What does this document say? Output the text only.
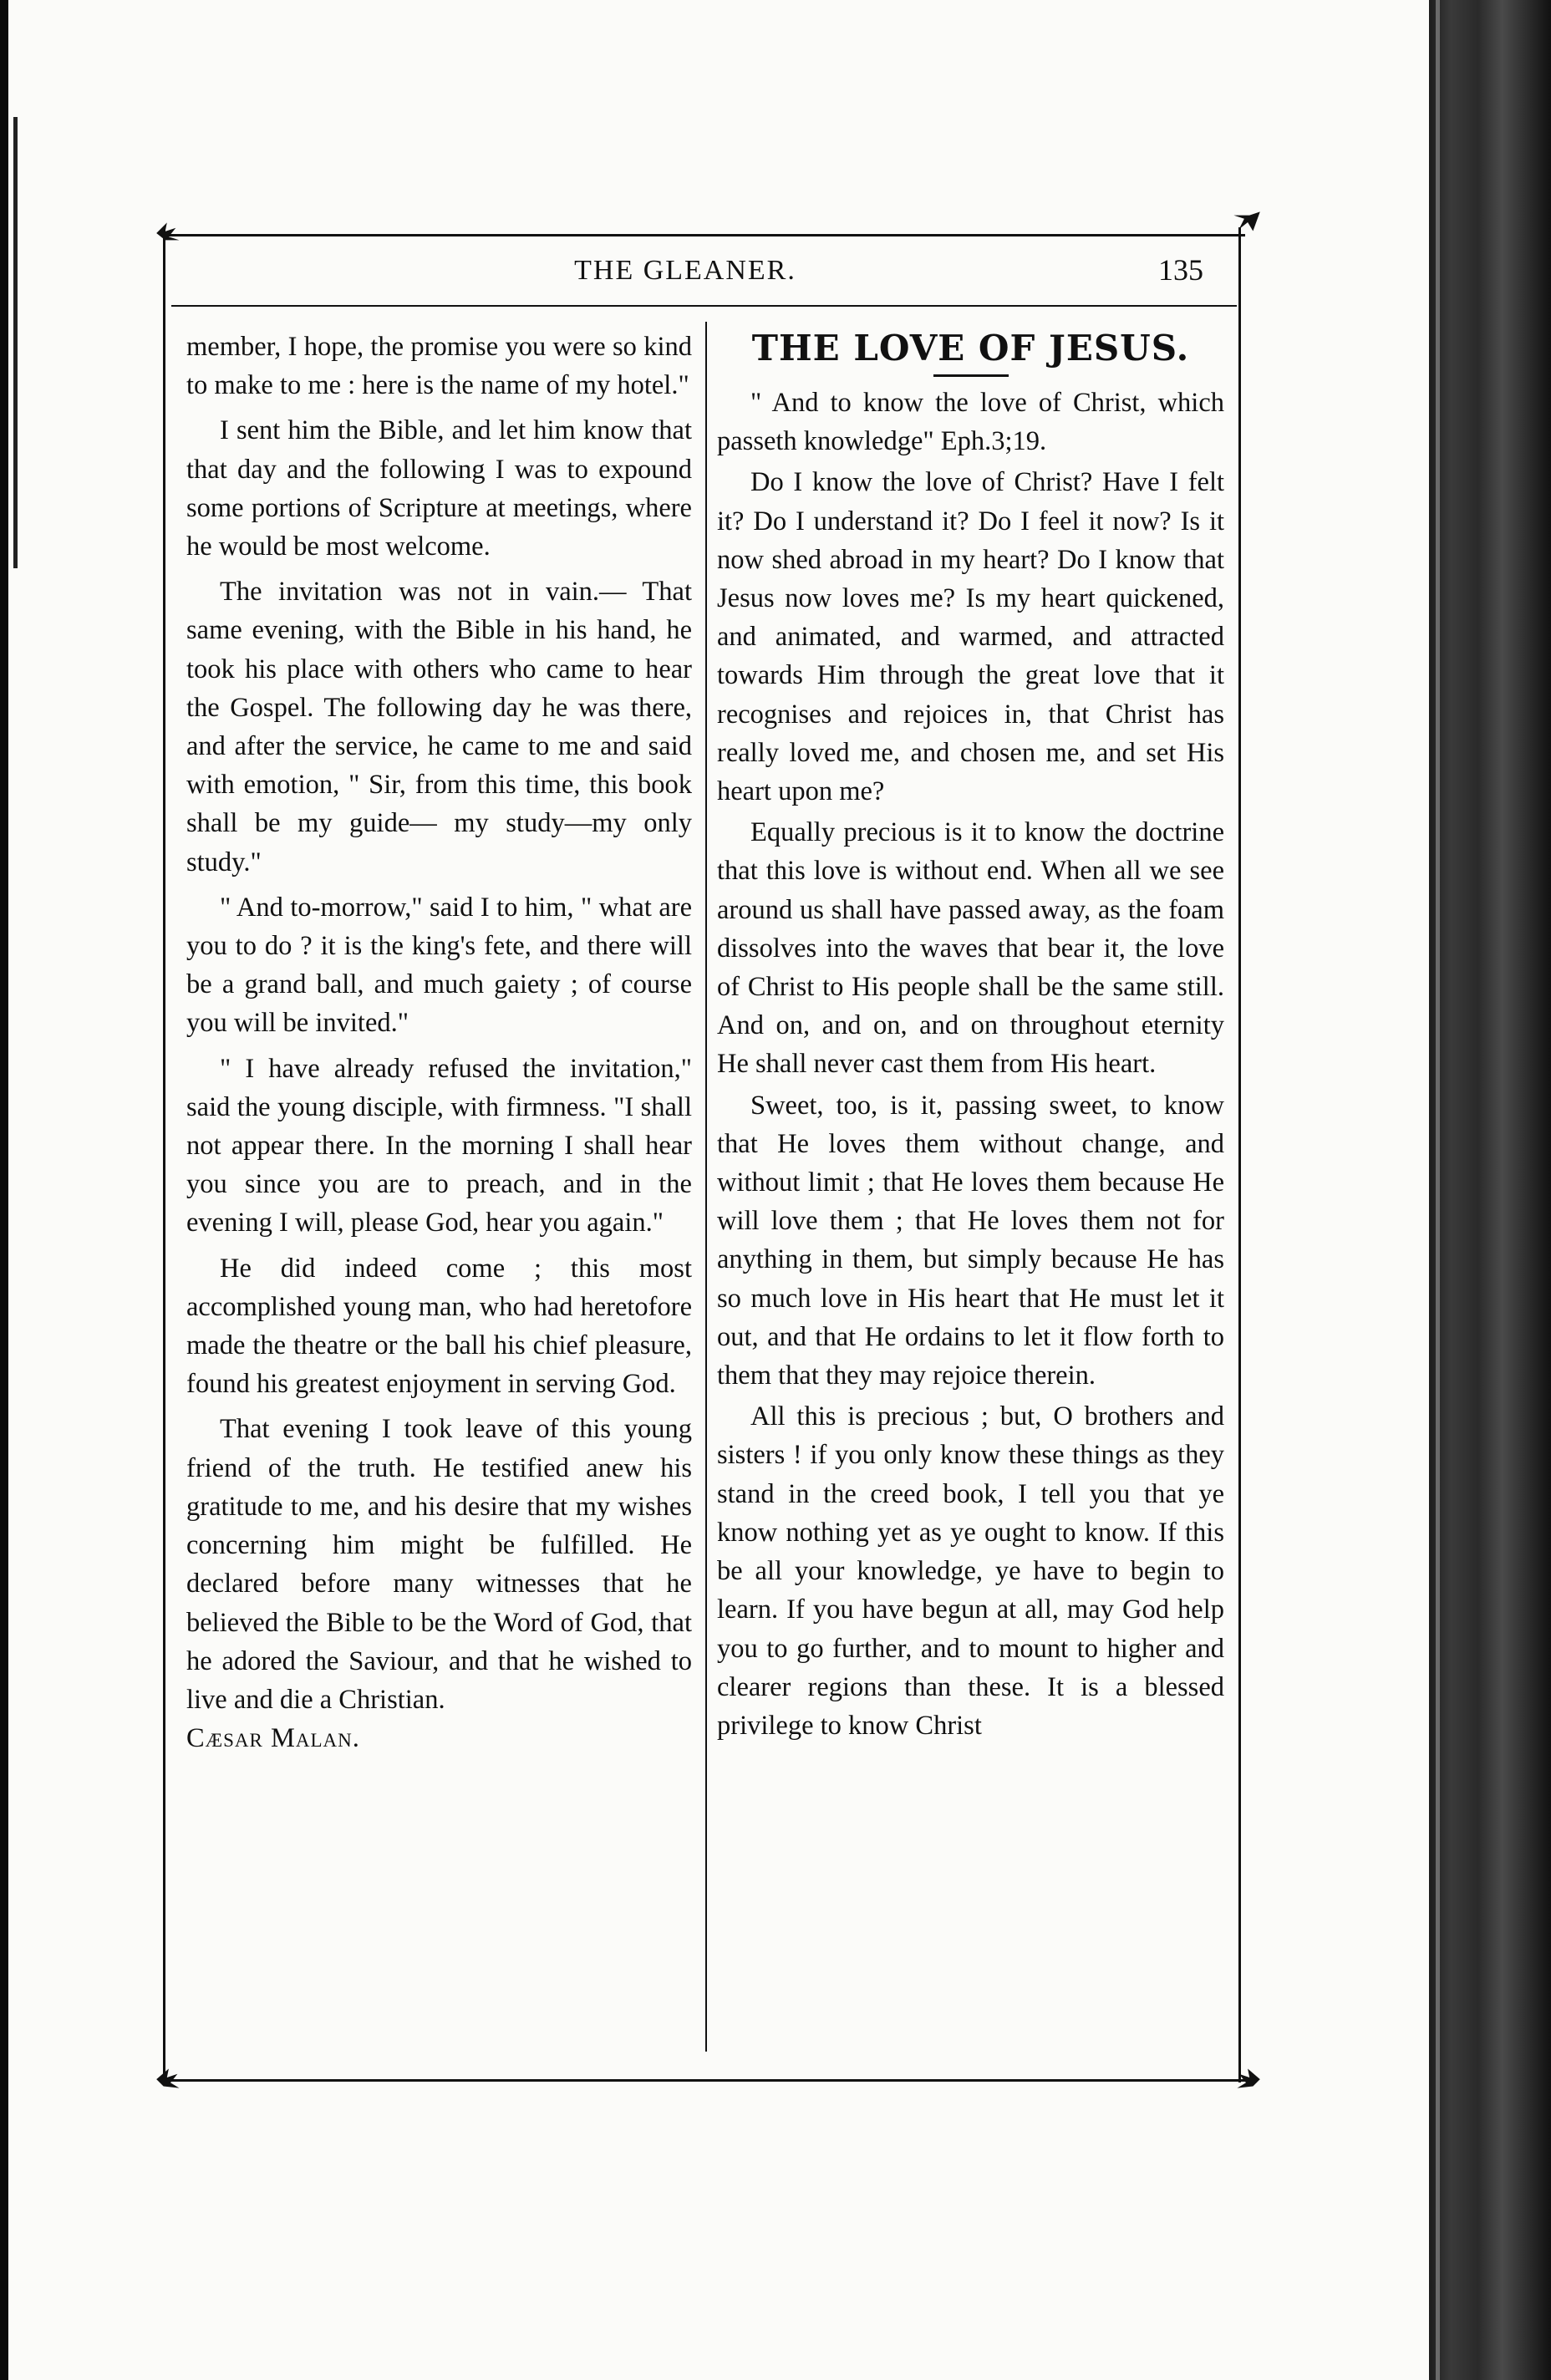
THE GLEANER.	135

member, I hope, the promise you were so kind to make to me : here is the name of my hotel."

I sent him the Bible, and let him know that that day and the following I was to expound some portions of Scripture at meetings, where he would be most welcome.

The invitation was not in vain.— That same evening, with the Bible in his hand, he took his place with others who came to hear the Gospel. The following day he was there, and after the service, he came to me and said with emotion, " Sir, from this time, this book shall be my guide— my study—my only study."

" And to-morrow," said I to him, " what are you to do ? it is the king's fete, and there will be a grand ball, and much gaiety ; of course you will be invited."

" I have already refused the invitation," said the young disciple, with firmness. "I shall not appear there. In the morning I shall hear you since you are to preach, and in the evening I will, please God, hear you again."

He did indeed come ; this most accomplished young man, who had heretofore made the theatre or the ball his chief pleasure, found his greatest enjoyment in serving God.

That evening I took leave of this young friend of the truth. He testified anew his gratitude to me, and his desire that my wishes concerning him might be fulfilled. He declared before many witnesses that he believed the Bible to be the Word of God, that he adored the Saviour, and that he wished to live and die a Christian.

Cæsar Malan.

THE LOVE OF JESUS.

" And to know the love of Christ, which passeth knowledge" Eph.3;19.

Do I know the love of Christ? Have I felt it? Do I understand it? Do I feel it now? Is it now shed abroad in my heart? Do I know that Jesus now loves me? Is my heart quickened, and animated, and warmed, and attracted towards Him through the great love that it recognises and rejoices in, that Christ has really loved me, and chosen me, and set His heart upon me?

Equally precious is it to know the doctrine that this love is without end. When all we see around us shall have passed away, as the foam dissolves into the waves that bear it, the love of Christ to His people shall be the same still. And on, and on, and on throughout eternity He shall never cast them from His heart.

Sweet, too, is it, passing sweet, to know that He loves them without change, and without limit ; that He loves them because He will love them ; that He loves them not for anything in them, but simply because He has so much love in His heart that He must let it out, and that He ordains to let it flow forth to them that they may rejoice therein.

All this is precious ; but, O brothers and sisters ! if you only know these things as they stand in the creed book, I tell you that ye know nothing yet as ye ought to know. If this be all your knowledge, ye have to begin to learn. If you have begun at all, may God help you to go further, and to mount to higher and clearer regions than these. It is a blessed privilege to know Christ
